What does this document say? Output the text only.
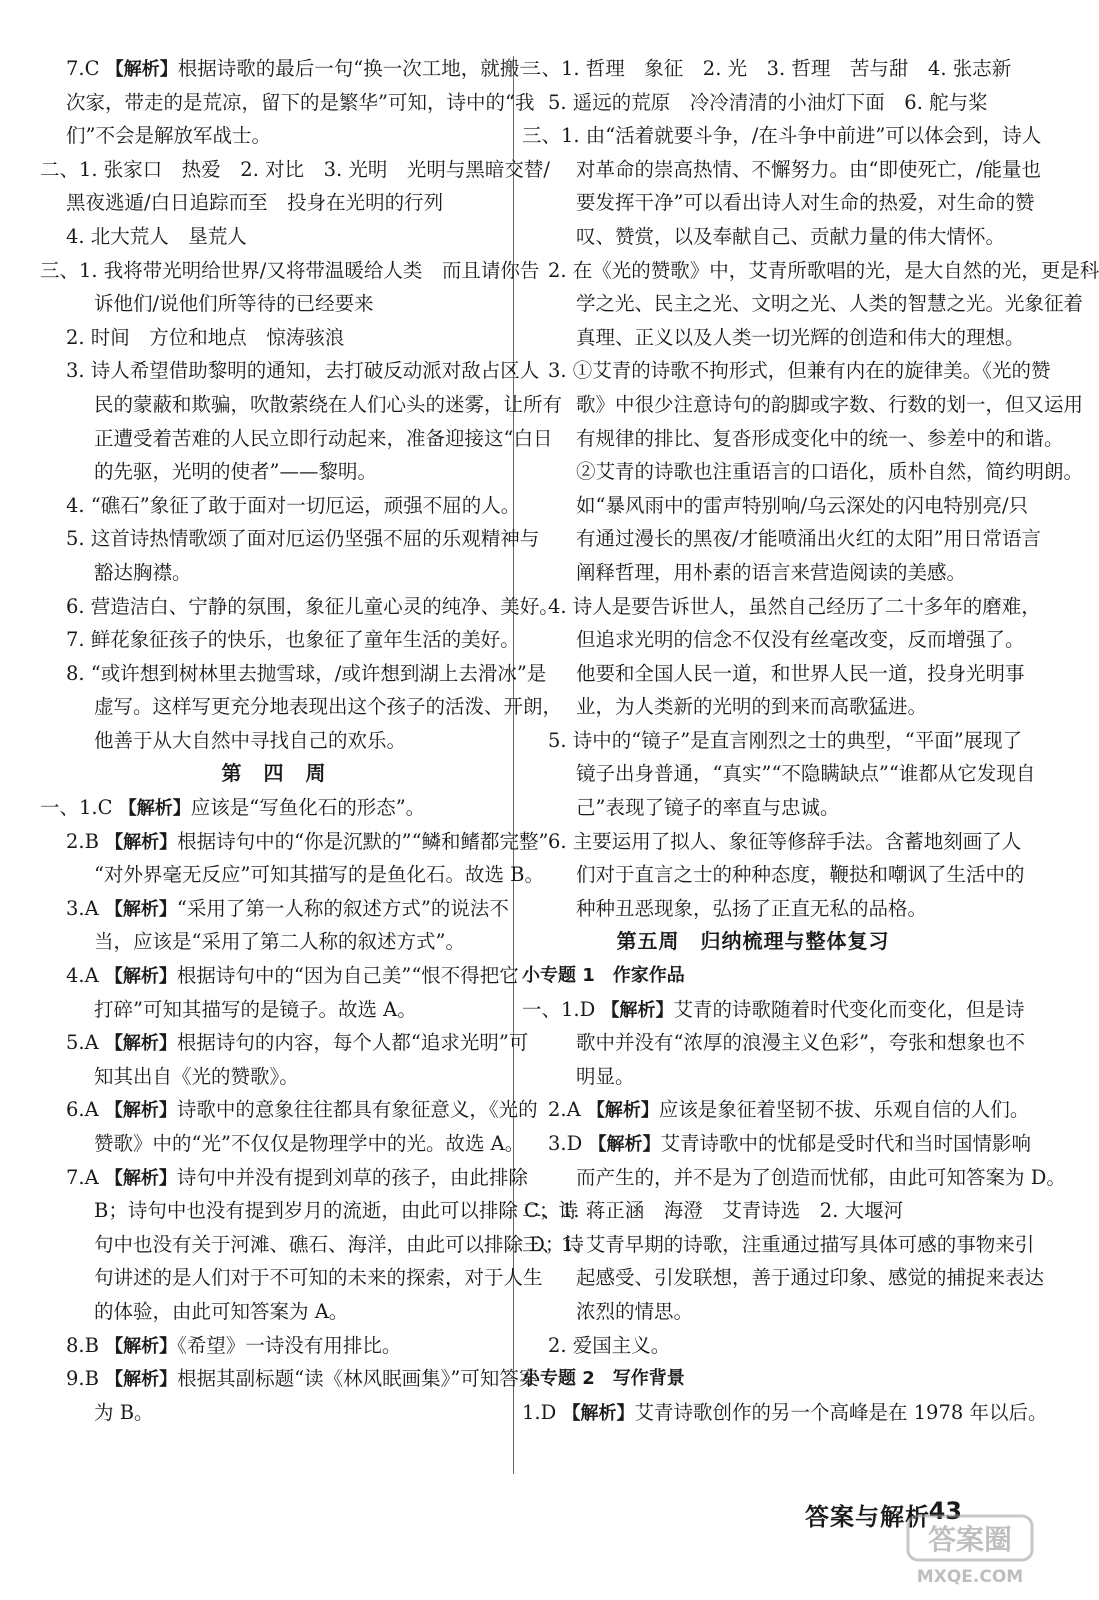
7.C 【解析】根据诗歌的最后一句“换一次工地，就搬一
次家，带走的是荒凉，留下的是繁华”可知，诗中的“我
们”不会是解放军战士。
二、1. 张家口　热爱　2. 对比　3. 光明　光明与黑暗交替/
黑夜逃遁/白日追踪而至　投身在光明的行列
4. 北大荒人　垦荒人
三、1. 我将带光明给世界/又将带温暖给人类　而且请你告
诉他们/说他们所等待的已经要来
2. 时间　方位和地点　惊涛骇浪
3. 诗人希望借助黎明的通知，去打破反动派对敌占区人
民的蒙蔽和欺骗，吹散萦绕在人们心头的迷雾，让所有
正遭受着苦难的人民立即行动起来，准备迎接这“白日
的先驱，光明的使者”——黎明。
4. “礁石”象征了敢于面对一切厄运，顽强不屈的人。
5. 这首诗热情歌颂了面对厄运仍坚强不屈的乐观精神与
豁达胸襟。
6. 营造洁白、宁静的氛围，象征儿童心灵的纯净、美好。
7. 鲜花象征孩子的快乐，也象征了童年生活的美好。
8. “或许想到树林里去抛雪球，/或许想到湖上去滑冰”是
虚写。这样写更充分地表现出这个孩子的活泼、开朗，
他善于从大自然中寻找自己的欢乐。
第　四　周
一、1.C 【解析】应该是“写鱼化石的形态”。
2.B 【解析】根据诗句中的“你是沉默的”“鳞和鳍都完整”
“对外界毫无反应”可知其描写的是鱼化石。故选 B。
3.A 【解析】“采用了第一人称的叙述方式”的说法不
当，应该是“采用了第二人称的叙述方式”。
4.A 【解析】根据诗句中的“因为自己美”“恨不得把它
打碎”可知其描写的是镜子。故选 A。
5.A 【解析】根据诗句的内容，每个人都“追求光明”可
知其出自《光的赞歌》。
6.A 【解析】诗歌中的意象往往都具有象征意义，《光的
赞歌》中的“光”不仅仅是物理学中的光。故选 A。
7.A 【解析】诗句中并没有提到刘草的孩子，由此排除
B；诗句中也没有提到岁月的流逝，由此可以排除 C；诗
句中也没有关于河滩、礁石、海洋，由此可以排除 D；诗
句讲述的是人们对于不可知的未来的探索，对于人生
的体验，由此可知答案为 A。
8.B 【解析】《希望》一诗没有用排比。
9.B 【解析】根据其副标题“读《林风眠画集》”可知答案
为 B。
二、1. 哲理　象征　2. 光　3. 哲理　苦与甜　4. 张志新
5. 遥远的荒原　冷冷清清的小油灯下面　6. 舵与桨
三、1. 由“活着就要斗争，/在斗争中前进”可以体会到，诗人
对革命的崇高热情、不懈努力。由“即使死亡，/能量也
要发挥干净”可以看出诗人对生命的热爱，对生命的赞
叹、赞赏，以及奉献自己、贡献力量的伟大情怀。
2. 在《光的赞歌》中，艾青所歌唱的光，是大自然的光，更是科
学之光、民主之光、文明之光、人类的智慧之光。光象征着
真理、正义以及人类一切光辉的创造和伟大的理想。
3. ①艾青的诗歌不拘形式，但兼有内在的旋律美。《光的赞
歌》中很少注意诗句的韵脚或字数、行数的划一，但又运用
有规律的排比、复沓形成变化中的统一、参差中的和谐。
②艾青的诗歌也注重语言的口语化，质朴自然，简约明朗。
如“暴风雨中的雷声特别响/乌云深处的闪电特别亮/只
有通过漫长的黑夜/才能喷涌出火红的太阳”用日常语言
阐释哲理，用朴素的语言来营造阅读的美感。
4. 诗人是要告诉世人，虽然自己经历了二十多年的磨难，
但追求光明的信念不仅没有丝毫改变，反而增强了。
他要和全国人民一道，和世界人民一道，投身光明事
业，为人类新的光明的到来而高歌猛进。
5. 诗中的“镜子”是直言刚烈之士的典型，“平面”展现了
镜子出身普通，“真实”“不隐瞒缺点”“谁都从它发现自
己”表现了镜子的率直与忠诚。
6. 主要运用了拟人、象征等修辞手法。含蓄地刻画了人
们对于直言之士的种种态度，鞭挞和嘲讽了生活中的
种种丑恶现象，弘扬了正直无私的品格。
第五周　归纳梳理与整体复习
小专题 1　作家作品
一、1.D 【解析】艾青的诗歌随着时代变化而变化，但是诗
歌中并没有“浓厚的浪漫主义色彩”，夸张和想象也不
明显。
2.A 【解析】应该是象征着坚韧不拔、乐观自信的人们。
3.D 【解析】艾青诗歌中的忧郁是受时代和当时国情影响
而产生的，并不是为了创造而忧郁，由此可知答案为 D。
二、1. 蒋正涵　海澄　艾青诗选　2. 大堰河
三、1. 艾青早期的诗歌，注重通过描写具体可感的事物来引
起感受、引发联想，善于通过印象、感觉的捕捉来表达
浓烈的情思。
2. 爱国主义。
小专题 2　写作背景
1.D 【解析】艾青诗歌创作的另一个高峰是在 1978 年以后。
答案与解析
43
答案圈
MXQE.COM
